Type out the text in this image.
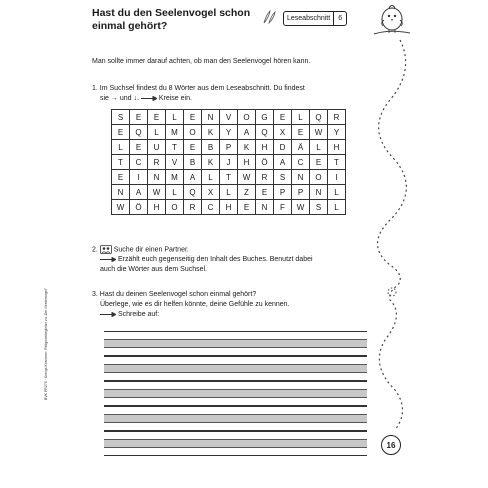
Hast du den Seelenvogel schon einmal gehört?
Leseabschnitt	6
Man sollte immer darauf achten, ob man den Seelenvogel hören kann.
1. Im Suchsel findest du 8 Wörter aus dem Leseabschnitt. Du findest
sie → und ↓.	Kreise ein.
S	E	E	L	E	N	V	O	G	E	L	Q	R
E	Q	L	M	O	K	Y	A	Q	X	E	W	Y
L	E	U	T	E	B	P	K	H	D	Ä	L	H
T	C	R	V	B	K	J	H	Ö	A	C	E	T
E	I	N	M	A	L	T	W	R	S	N	O	I
N	A	W	L	Q	X	L	Z	E	P	P	N	L
W	Ö	H	O	R	C	H	E	N	F	W	S	L
2. Suche dir einen Partner.
Erzählt euch gegenseitig den Inhalt des Buches. Benutzt dabei
auch die Wörter aus dem Suchsel.
3. Hast du deinen Seelenvogel schon einmal gehört?
Überlege, wie es dir helfen könnte, deine Gefühle zu kennen.
Schreibe auf:
16
BVK PR276 · Svenja Kirschner: Religionsbegleiter zu „Der Seelenvogel"
